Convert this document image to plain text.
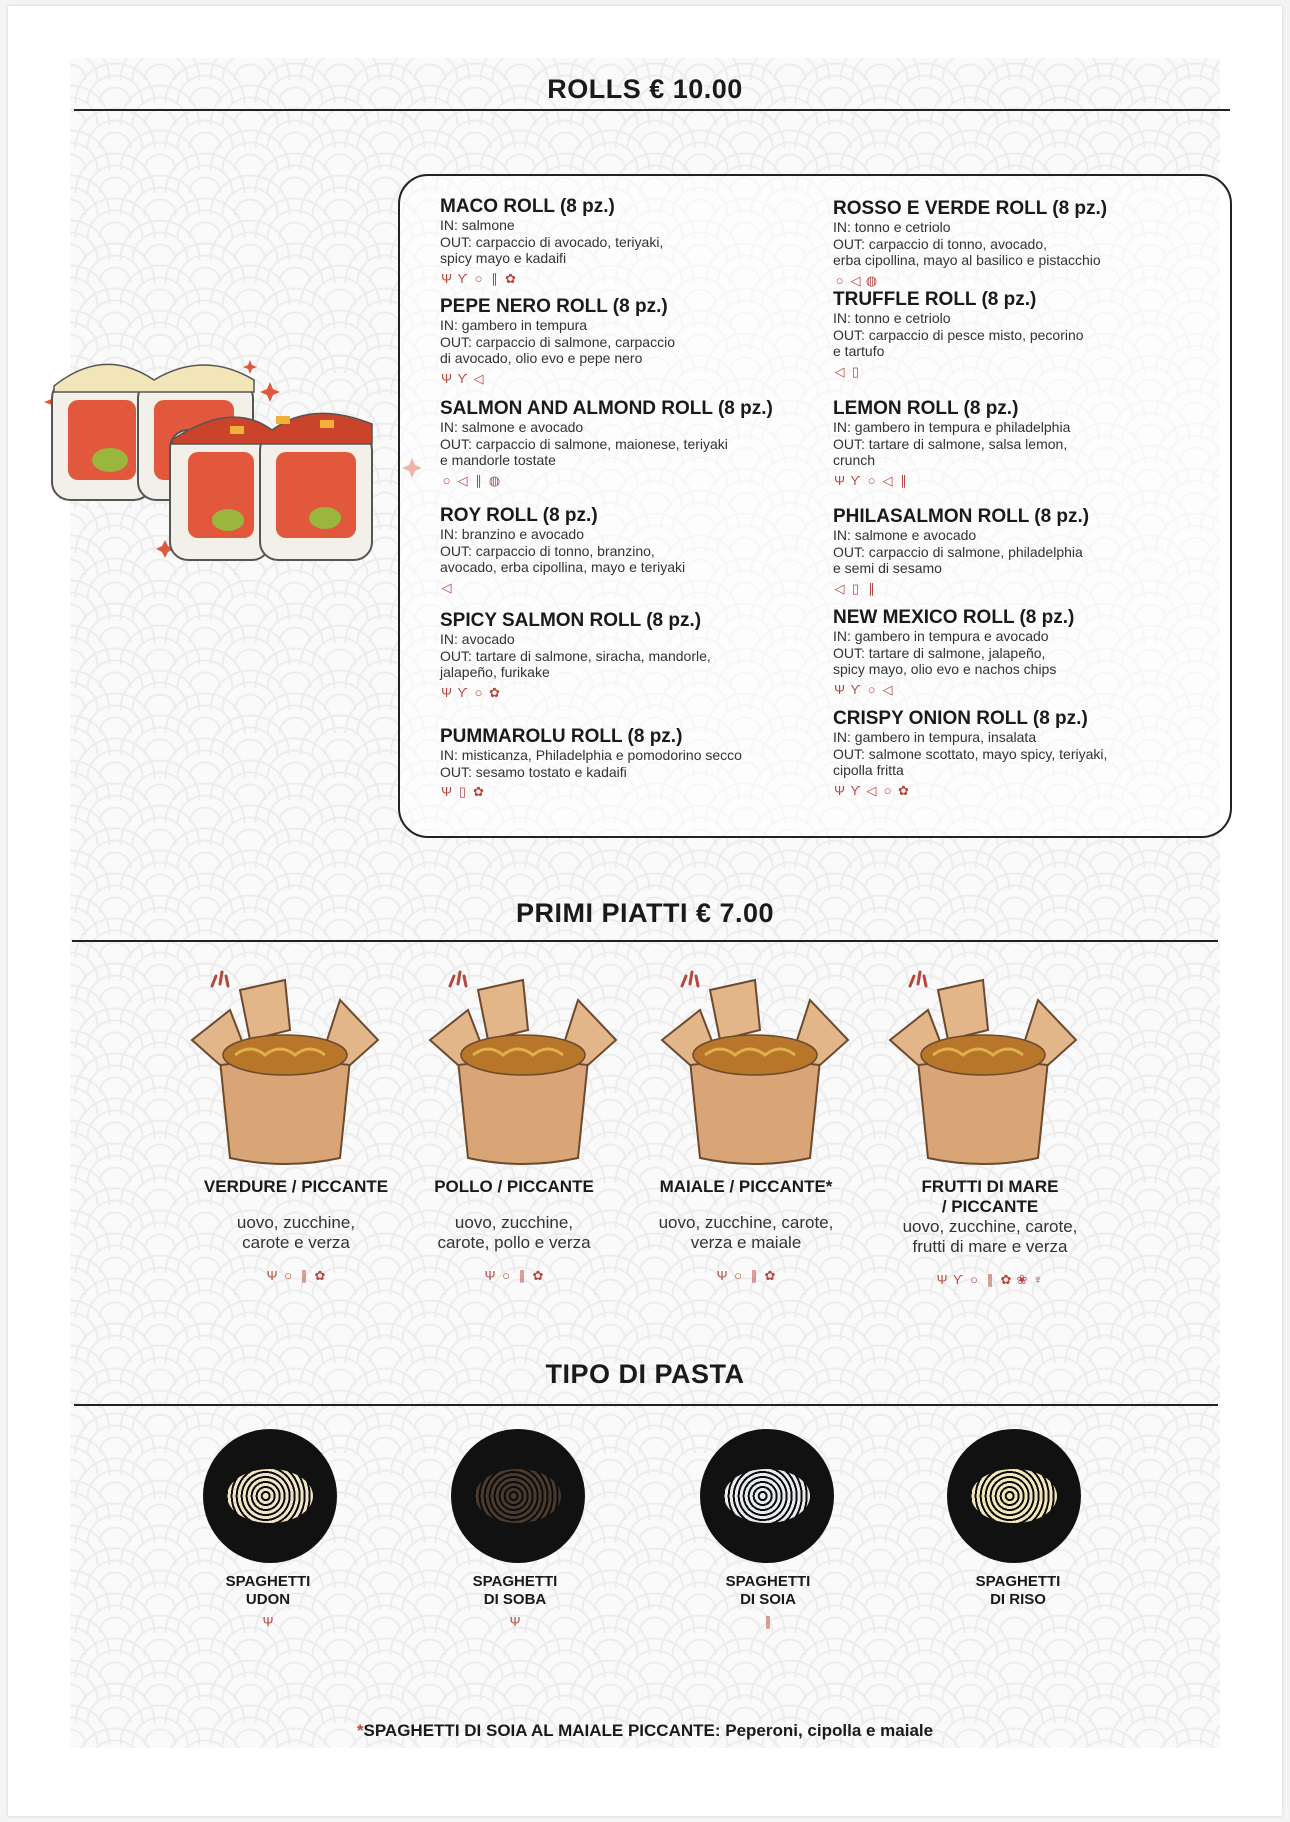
ROLLS € 10.00
MACO ROLL (8 pz.)
IN: salmone
OUT: carpaccio di avocado, teriyaki,
spicy mayo e kadaifi
Ψ ϒ ○ ∥ ✿
PEPE NERO ROLL (8 pz.)
IN: gambero in tempura
OUT: carpaccio di salmone, carpaccio
di avocado, olio evo e pepe nero
Ψ ϒ ◁
SALMON AND ALMOND ROLL (8 pz.)
IN: salmone e avocado
OUT: carpaccio di salmone, maionese, teriyaki
e mandorle tostate
○ ◁ ∥ ◍
ROY ROLL (8 pz.)
IN: branzino e avocado
OUT: carpaccio di tonno, branzino,
avocado, erba cipollina, mayo e teriyaki
◁
SPICY SALMON ROLL (8 pz.)
IN: avocado
OUT: tartare di salmone, siracha, mandorle,
jalapeño, furikake
Ψ ϒ ○ ✿
PUMMAROLU ROLL (8 pz.)
IN: misticanza, Philadelphia e pomodorino secco
OUT: sesamo tostato e kadaifi
Ψ ▯ ✿
ROSSO E VERDE ROLL (8 pz.)
IN: tonno e cetriolo
OUT: carpaccio di tonno, avocado,
erba cipollina, mayo al basilico e pistacchio
○ ◁ ◍
TRUFFLE ROLL (8 pz.)
IN: tonno e cetriolo
OUT: carpaccio di pesce misto, pecorino
e tartufo
◁ ▯
LEMON ROLL (8 pz.)
IN: gambero in tempura e philadelphia
OUT: tartare di salmone, salsa lemon,
crunch
Ψ ϒ ○ ◁ ∥
PHILASALMON ROLL (8 pz.)
IN: salmone e avocado
OUT: carpaccio di salmone, philadelphia
e semi di sesamo
◁ ▯ ∥
NEW MEXICO ROLL (8 pz.)
IN: gambero in tempura e avocado
OUT: tartare di salmone, jalapeño,
spicy mayo, olio evo e nachos chips
Ψ ϒ ○ ◁
CRISPY ONION ROLL (8 pz.)
IN: gambero in tempura, insalata
OUT: salmone scottato, mayo spicy, teriyaki,
cipolla fritta
Ψ ϒ ◁ ○ ✿
PRIMI PIATTI € 7.00
VERDURE / PICCANTE
uovo, zucchine,
carote e verza
Ψ ○ ∥ ✿
POLLO / PICCANTE
uovo, zucchine,
carote, pollo e verza
Ψ ○ ∥ ✿
MAIALE / PICCANTE*
uovo, zucchine, carote,
verza e maiale
Ψ ○ ∥ ✿
FRUTTI DI MARE
/ PICCANTE
uovo, zucchine, carote,
frutti di mare e verza
Ψ ϒ ○ ∥ ✿ ❀ ♆
TIPO DI PASTA
SPAGHETTI
UDON
Ψ
SPAGHETTI
DI SOBA
Ψ
SPAGHETTI
DI SOIA
∥
SPAGHETTI
DI RISO
*SPAGHETTI DI SOIA AL MAIALE PICCANTE: Peperoni, cipolla e maiale
